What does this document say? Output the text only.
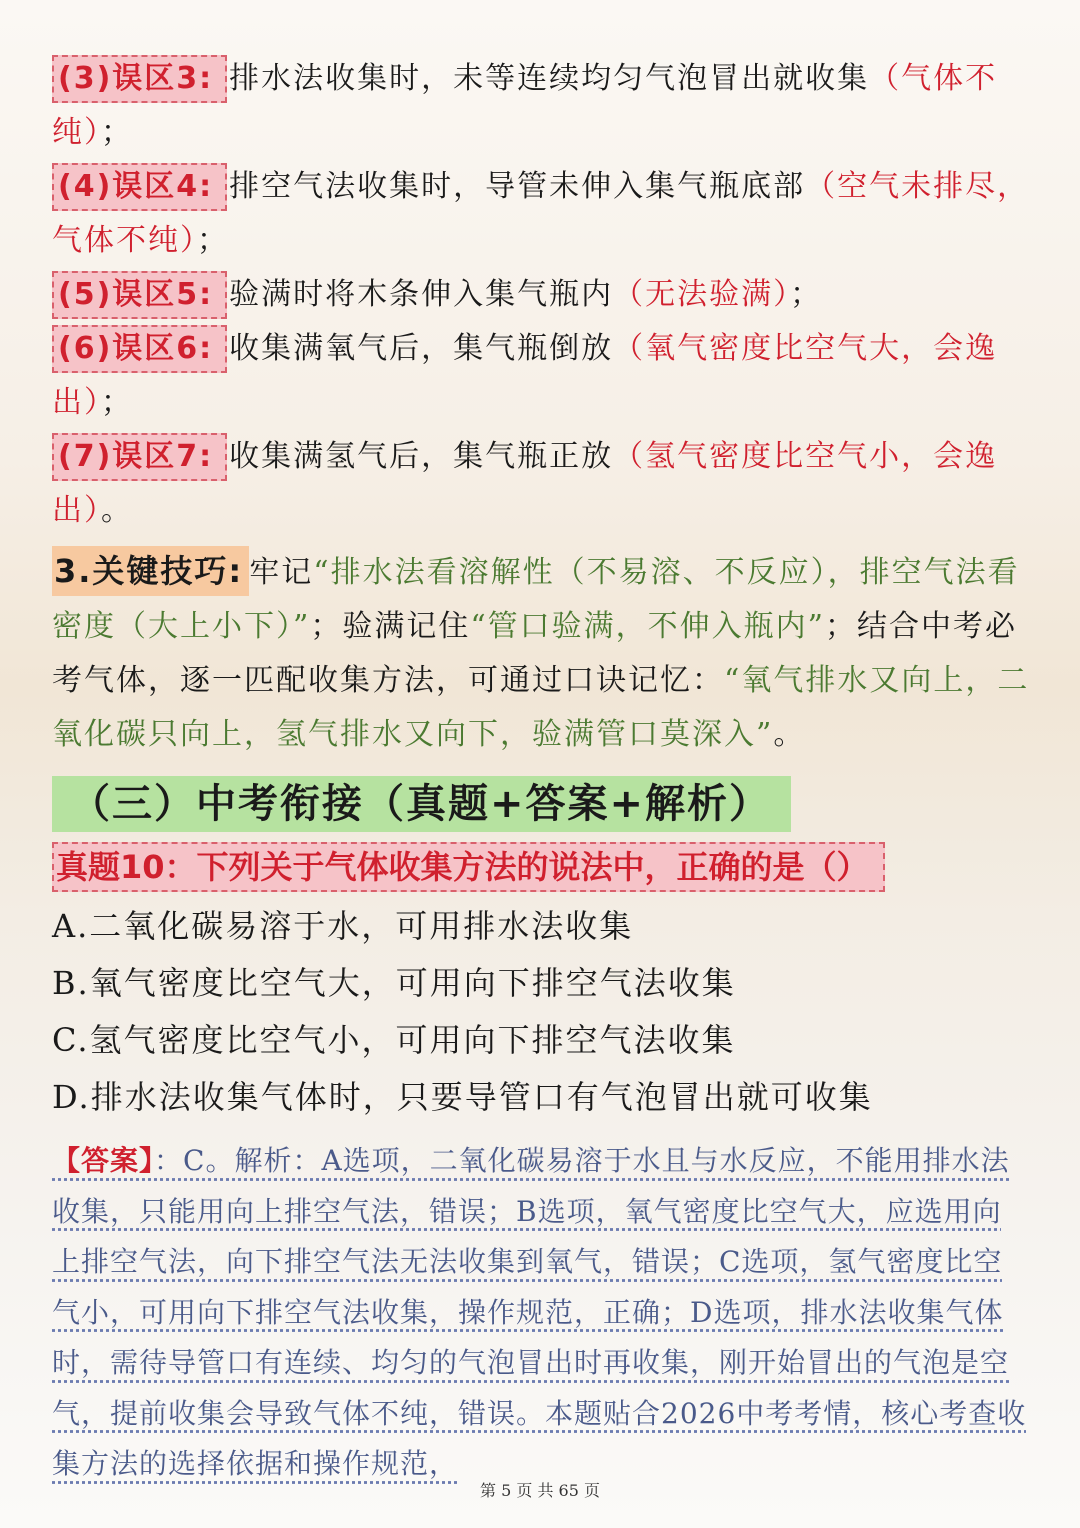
(3)误区3: 排水法收集时，未等连续均匀气泡冒出就收集（气体不纯）；

(4)误区4: 排空气法收集时，导管未伸入集气瓶底部（空气未排尽，气体不纯）；

(5)误区5: 验满时将木条伸入集气瓶内（无法验满）；

(6)误区6: 收集满氧气后，集气瓶倒放（氧气密度比空气大，会逸出）；

(7)误区7: 收集满氢气后，集气瓶正放（氢气密度比空气小，会逸出）。

3.关键技巧: 牢记“排水法看溶解性（不易溶、不反应），排空气法看密度（大上小下）”；验满记住“管口验满，不伸入瓶内”；结合中考必考气体，逐一匹配收集方法，可通过口诀记忆：“氧气排水又向上，二氧化碳只向上，氢气排水又向下，验满管口莫深入”。

（三）中考衔接（真题+答案+解析）
真题10：下列关于气体收集方法的说法中，正确的是（）

A.二氧化碳易溶于水，可用排水法收集

B.氧气密度比空气大，可用向下排空气法收集

C.氢气密度比空气小，可用向下排空气法收集

D.排水法收集气体时，只要导管口有气泡冒出就可收集

【答案】：C。解析：A选项，二氧化碳易溶于水且与水反应，不能用排水法收集，只能用向上排空气法，错误；B选项，氧气密度比空气大，应选用向上排空气法，向下排空气法无法收集到氧气，错误；C选项，氢气密度比空气小，可用向下排空气法收集，操作规范，正确；D选项，排水法收集气体时，需待导管口有连续、均匀的气泡冒出时再收集，刚开始冒出的气泡是空气，提前收集会导致气体不纯，错误。本题贴合2026中考考情，核心考查收集方法的选择依据和操作规范，

第 5 页 共 65 页
